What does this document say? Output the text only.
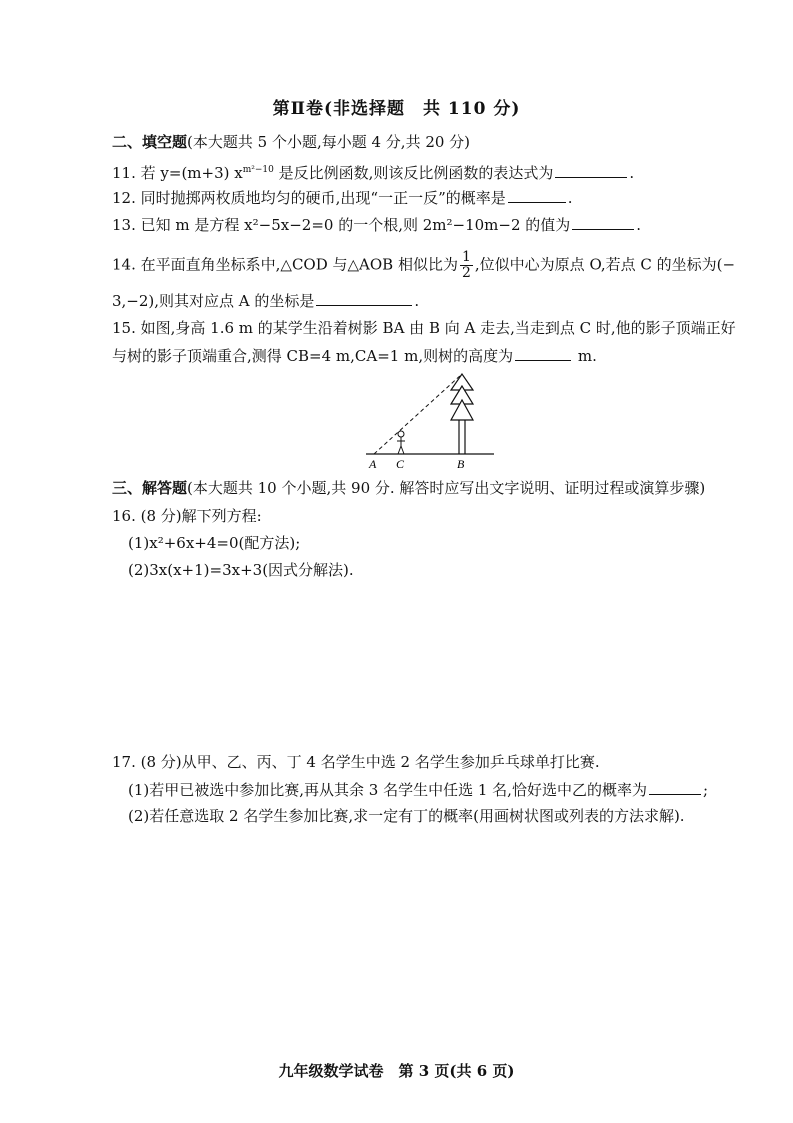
第Ⅱ卷(非选择题　共 110 分)
二、填空题(本大题共 5 个小题,每小题 4 分,共 20 分)
11. 若 y=(m+3) $x^{m^2-10}$ 是反比例函数,则该反比例函数的表达式为	.
12. 同时抛掷两枚质地均匀的硬币,出现“一正一反”的概率是	.
13. 已知 m 是方程 x²−5x−2=0 的一个根,则 2m²−10m−2 的值为	.
14. 在平面直角坐标系中,△COD 与△AOB 相似比为 $\frac{1}{2}$ ,位似中心为原点 O,若点 C 的坐标为(−
3,−2),则其对应点 A 的坐标是	.
15. 如图,身高 1.6 m 的某学生沿着树影 BA 由 B 向 A 走去,当走到点 C 时,他的影子顶端正好
与树的影子顶端重合,测得 CB=4 m,CA=1 m,则树的高度为	m.
A C	B
三、解答题(本大题共 10 个小题,共 90 分. 解答时应写出文字说明、证明过程或演算步骤)
16. (8 分)解下列方程:
(1)x²+6x+4=0(配方法);
(2)3x(x+1)=3x+3(因式分解法).
17. (8 分)从甲、乙、丙、丁 4 名学生中选 2 名学生参加乒乓球单打比赛.
(1)若甲已被选中参加比赛,再从其余 3 名学生中任选 1 名,恰好选中乙的概率为	;
(2)若任意选取 2 名学生参加比赛,求一定有丁的概率(用画树状图或列表的方法求解).
九年级数学试卷　第 3 页(共 6 页)
